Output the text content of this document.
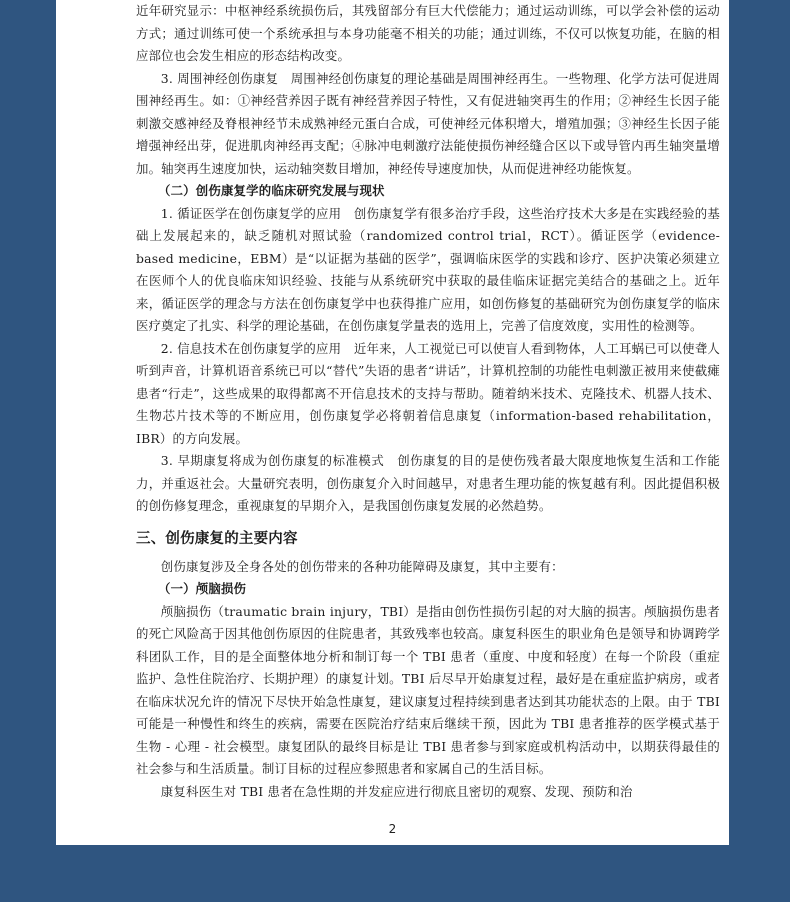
近年研究显示：中枢神经系统损伤后，其残留部分有巨大代偿能力；通过运动训练，可以学会补偿的运动方式；通过训练可使一个系统承担与本身功能毫不相关的功能；通过训练，不仅可以恢复功能，在脑的相应部位也会发生相应的形态结构改变。

3. 周围神经创伤康复　周围神经创伤康复的理论基础是周围神经再生。一些物理、化学方法可促进周围神经再生。如：①神经营养因子既有神经营养因子特性，又有促进轴突再生的作用；②神经生长因子能刺激交感神经及脊根神经节未成熟神经元蛋白合成，可使神经元体积增大，增殖加强；③神经生长因子能增强神经出芽，促进肌肉神经再支配；④脉冲电刺激疗法能使损伤神经缝合区以下或导管内再生轴突量增加。轴突再生速度加快，运动轴突数目增加，神经传导速度加快，从而促进神经功能恢复。

（二）创伤康复学的临床研究发展与现状

1. 循证医学在创伤康复学的应用　创伤康复学有很多治疗手段，这些治疗技术大多是在实践经验的基础上发展起来的，缺乏随机对照试验（randomized control trial，RCT）。循证医学（evidence-based medicine，EBM）是“以证据为基础的医学”，强调临床医学的实践和诊疗、医护决策必须建立在医师个人的优良临床知识经验、技能与从系统研究中获取的最佳临床证据完美结合的基础之上。近年来，循证医学的理念与方法在创伤康复学中也获得推广应用，如创伤修复的基础研究为创伤康复学的临床医疗奠定了扎实、科学的理论基础，在创伤康复学量表的选用上，完善了信度效度，实用性的检测等。

2. 信息技术在创伤康复学的应用　近年来，人工视觉已可以使盲人看到物体，人工耳蜗已可以使聋人听到声音，计算机语音系统已可以“替代”失语的患者“讲话”，计算机控制的功能性电刺激正被用来使截瘫患者“行走”，这些成果的取得都离不开信息技术的支持与帮助。随着纳米技术、克隆技术、机器人技术、生物芯片技术等的不断应用，创伤康复学必将朝着信息康复（information-based rehabilitation，IBR）的方向发展。

3. 早期康复将成为创伤康复的标准模式　创伤康复的目的是使伤残者最大限度地恢复生活和工作能力，并重返社会。大量研究表明，创伤康复介入时间越早，对患者生理功能的恢复越有利。因此提倡积极的创伤修复理念，重视康复的早期介入，是我国创伤康复发展的必然趋势。

三、创伤康复的主要内容

创伤康复涉及全身各处的创伤带来的各种功能障碍及康复，其中主要有：

（一）颅脑损伤

颅脑损伤（traumatic brain injury，TBI）是指由创伤性损伤引起的对大脑的损害。颅脑损伤患者的死亡风险高于因其他创伤原因的住院患者，其致残率也较高。康复科医生的职业角色是领导和协调跨学科团队工作，目的是全面整体地分析和制订每一个 TBI 患者（重度、中度和轻度）在每一个阶段（重症监护、急性住院治疗、长期护理）的康复计划。TBI 后尽早开始康复过程，最好是在重症监护病房，或者在临床状况允许的情况下尽快开始急性康复，建议康复过程持续到患者达到其功能状态的上限。由于 TBI 可能是一种慢性和终生的疾病，需要在医院治疗结束后继续干预，因此为 TBI 患者推荐的医学模式基于生物 - 心理 - 社会模型。康复团队的最终目标是让 TBI 患者参与到家庭或机构活动中，以期获得最佳的社会参与和生活质量。制订目标的过程应参照患者和家属自己的生活目标。

康复科医生对 TBI 患者在急性期的并发症应进行彻底且密切的观察、发现、预防和治

2
